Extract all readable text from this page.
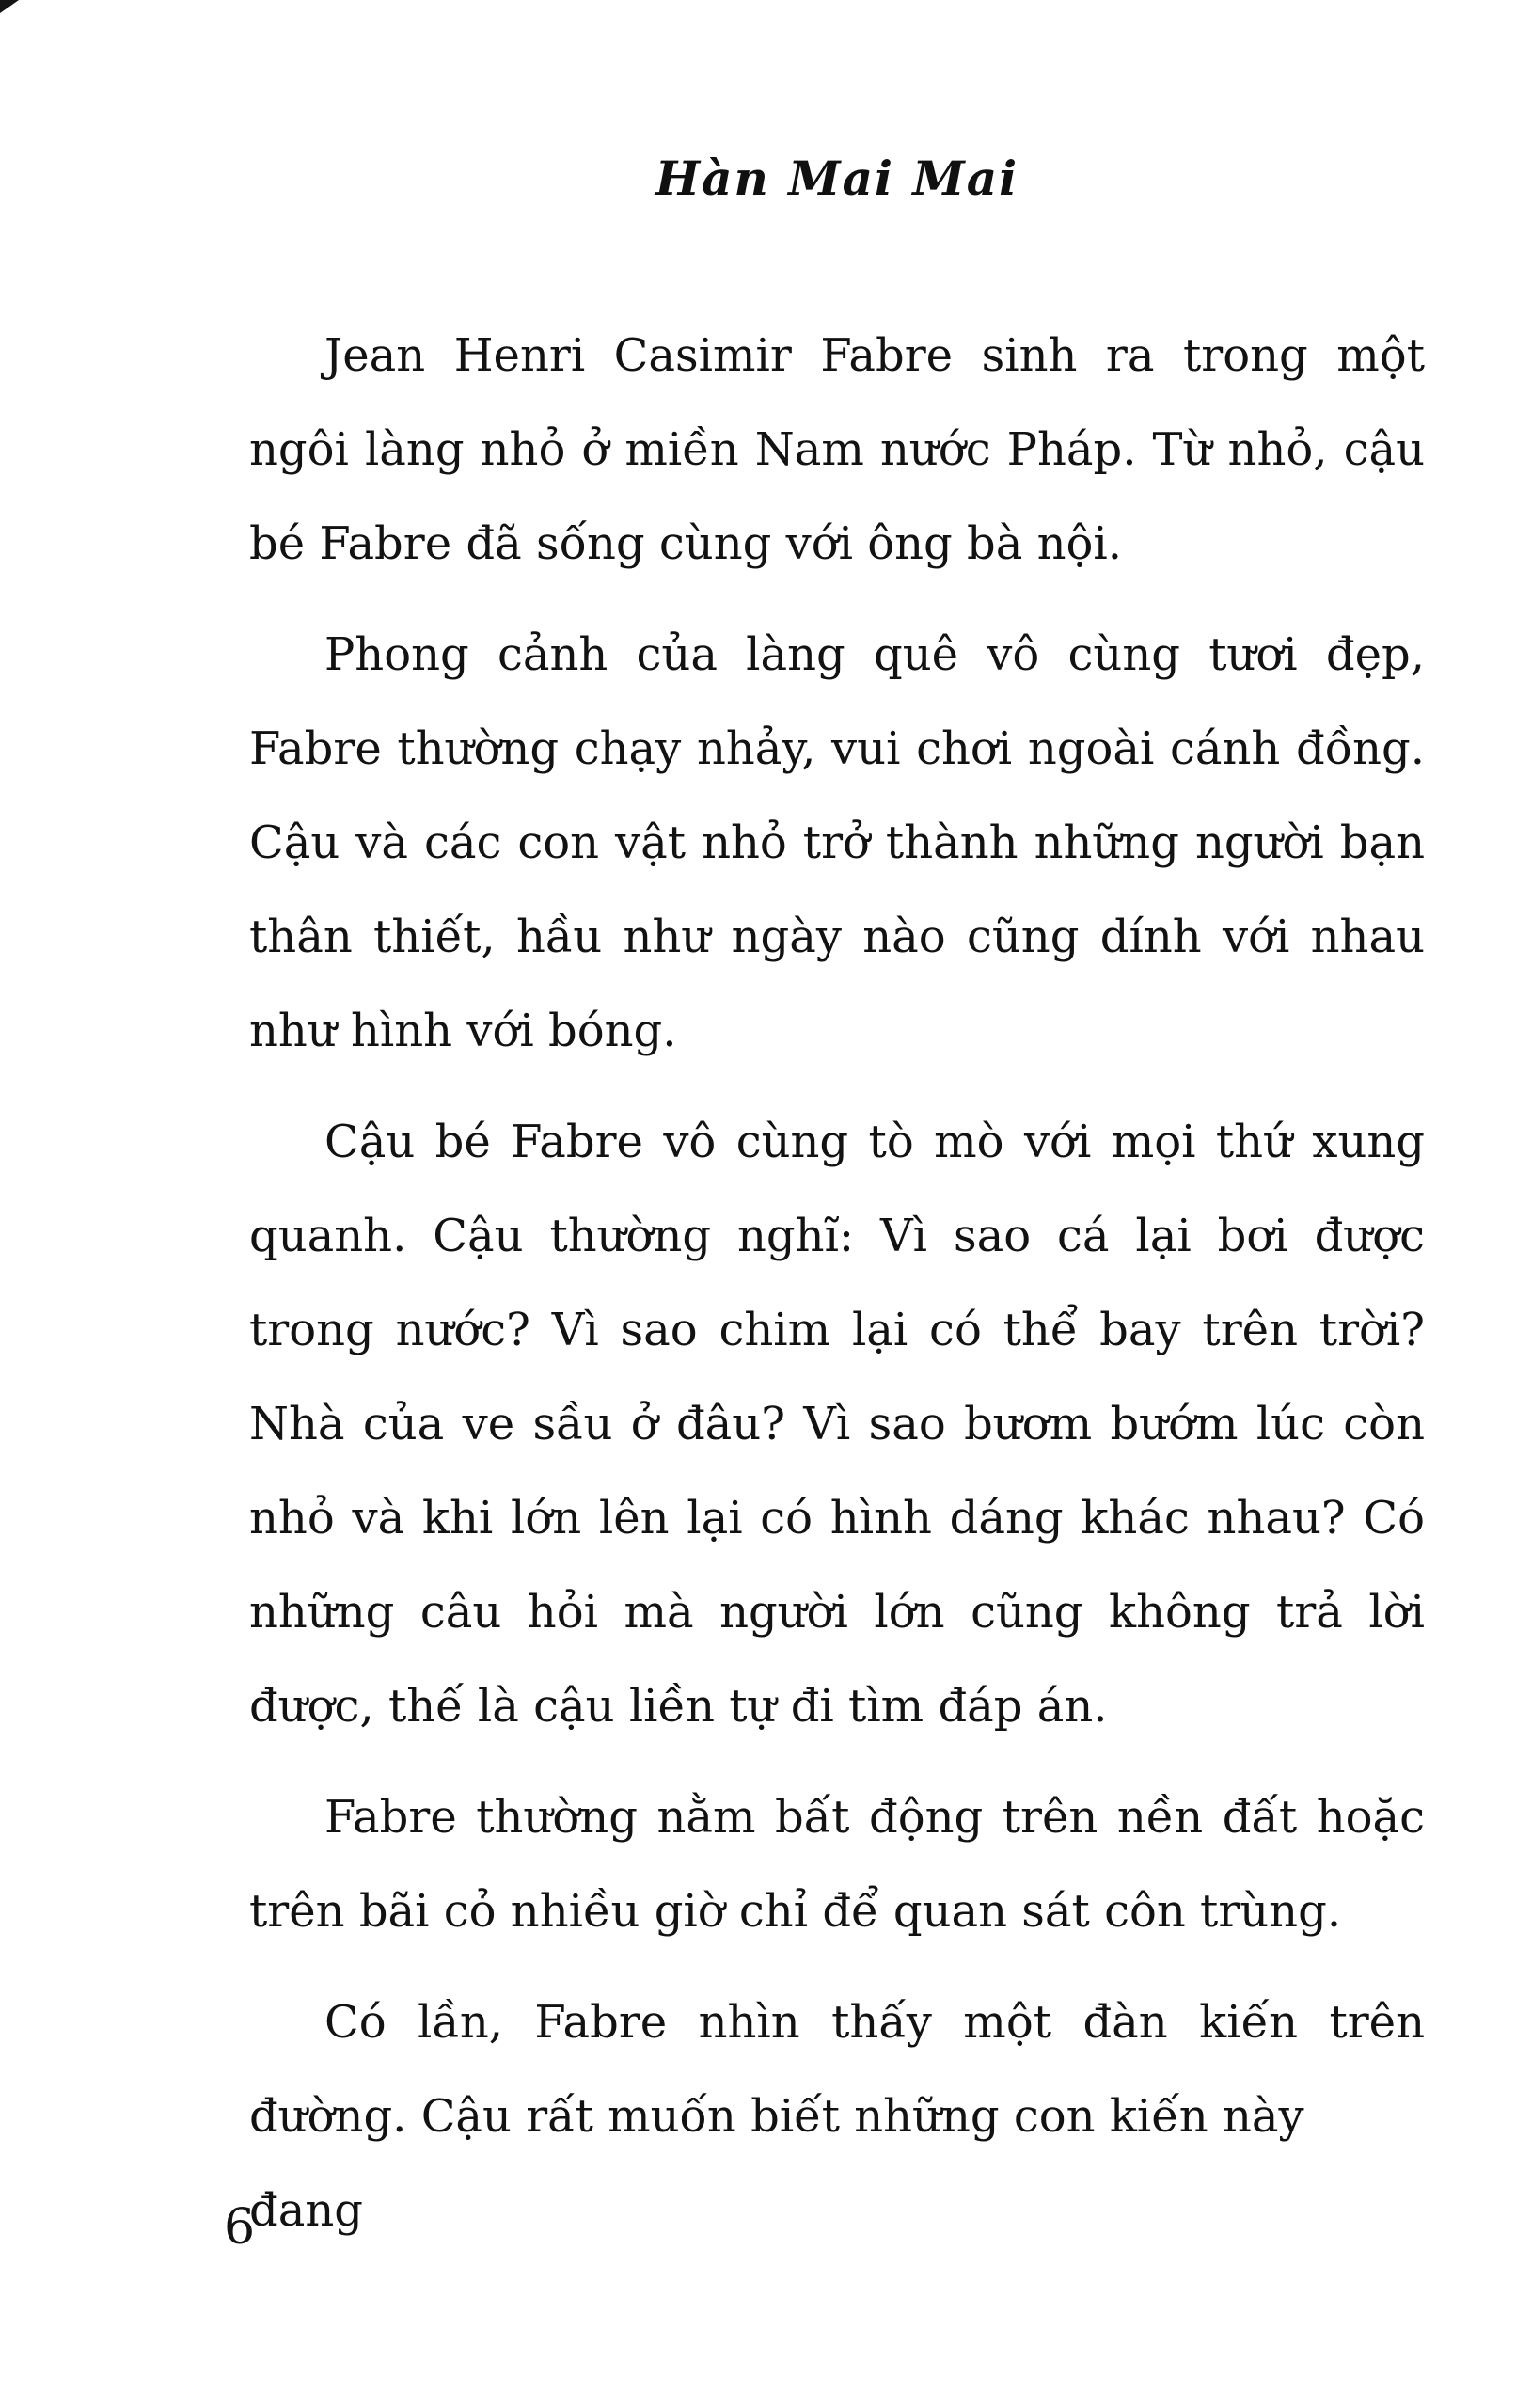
Hàn Mai Mai
Jean Henri Casimir Fabre sinh ra trong một
ngôi làng nhỏ ở miền Nam nước Pháp. Từ nhỏ, cậu
bé Fabre đã sống cùng với ông bà nội.
Phong cảnh của làng quê vô cùng tươi đẹp,
Fabre thường chạy nhảy, vui chơi ngoài cánh đồng.
Cậu và các con vật nhỏ trở thành những người bạn
thân thiết, hầu như ngày nào cũng dính với nhau
như hình với bóng.
Cậu bé Fabre vô cùng tò mò với mọi thứ xung
quanh. Cậu thường nghĩ: Vì sao cá lại bơi được
trong nước? Vì sao chim lại có thể bay trên trời?
Nhà của ve sầu ở đâu? Vì sao bươm bướm lúc còn
nhỏ và khi lớn lên lại có hình dáng khác nhau? Có
những câu hỏi mà người lớn cũng không trả lời
được, thế là cậu liền tự đi tìm đáp án.
Fabre thường nằm bất động trên nền đất hoặc
trên bãi cỏ nhiều giờ chỉ để quan sát côn trùng.
Có lần, Fabre nhìn thấy một đàn kiến trên
đường. Cậu rất muốn biết những con kiến này đang
6
